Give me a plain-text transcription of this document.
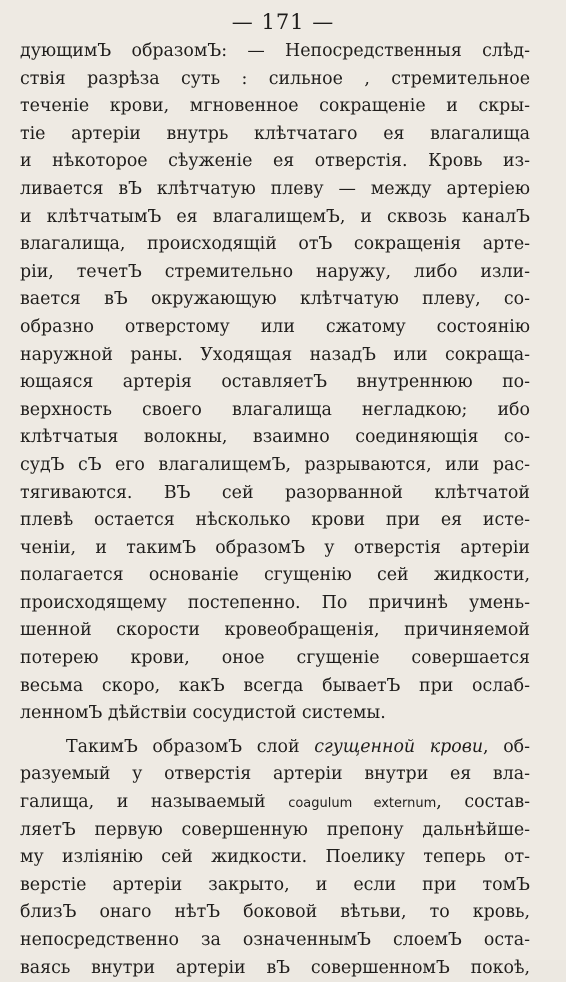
— 171 —
дующимЪ образомЪ: — Непосредственныя слѣд-
ствія разрѣза суть : сильное , стремительное
теченіе крови, мгновенное сокращеніе и скры-
тіе артеріи внутрь клѣтчатаго ея влагалища
и нѣкоторое сѣуженіе ея отверстія. Кровь из-
ливается вЪ клѣтчатую плеву — между артеріею
и клѣтчатымЪ ея влагалищемЪ, и сквозь каналЪ
влагалища, происходящій отЪ сокращенія арте-
ріи, течетЪ стремительно наружу, либо изли-
вается вЪ окружающую клѣтчатую плеву, со-
образно отверстому или сжатому состоянію
наружной раны. Уходящая назадЪ или сокраща-
ющаяся артерія оставляетЪ внутреннюю по-
верхность своего влагалища негладкою; ибо
клѣтчатыя волокны, взаимно соединяющія со-
судЪ сЪ его влагалищемЪ, разрываются, или рас-
тягиваются. ВЪ сей разорванной клѣтчатой
плевѣ остается нѣсколько крови при ея исте-
ченіи, и такимЪ образомЪ у отверстія артеріи
полагается основаніе сгущенію сей жидкости,
происходящему постепенно. По причинѣ умень-
шенной скорости кровеобращенія, причиняемой
потерею крови, оное сгущеніе совершается
весьма скоро, какЪ всегда бываетЪ при ослаб-
ленномЪ дѣйствіи сосудистой системы.
ТакимЪ образомЪ слой сгущенной крови, об-
разуемый у отверстія артеріи внутри ея вла-
галища, и называемый coagulum externum, состав-
ляетЪ первую совершенную препону дальнѣйше-
му изліянію сей жидкости. Поелику теперь от-
верстіе артеріи закрыто, и если при томЪ
близЪ онаго нѣтЪ боковой вѣтьви, то кровь,
непосредственно за означеннымЪ слоемЪ оста-
ваясь внутри артеріи вЪ совершенномЪ покоѣ,
